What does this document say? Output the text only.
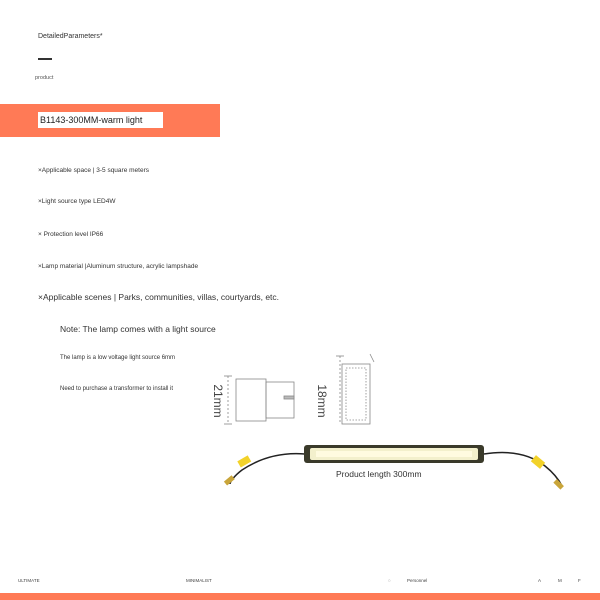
DetailedParameters*
product
B1143-300MM-warm light
×Applicable space | 3-5 square meters
×Light source type LED4W
× Protection level IP66
×Lamp material |Aluminum structure, acrylic lampshade
×Applicable scenes | Parks, communities, villas, courtyards, etc.
Note: The lamp comes with a light source
The lamp is a low voltage light source 6mm
Need to purchase a transformer to install it	21mm	18mm
Product length 300mm
ULTIMATE	MINIMALIST	○	Personnel	A	M	F
